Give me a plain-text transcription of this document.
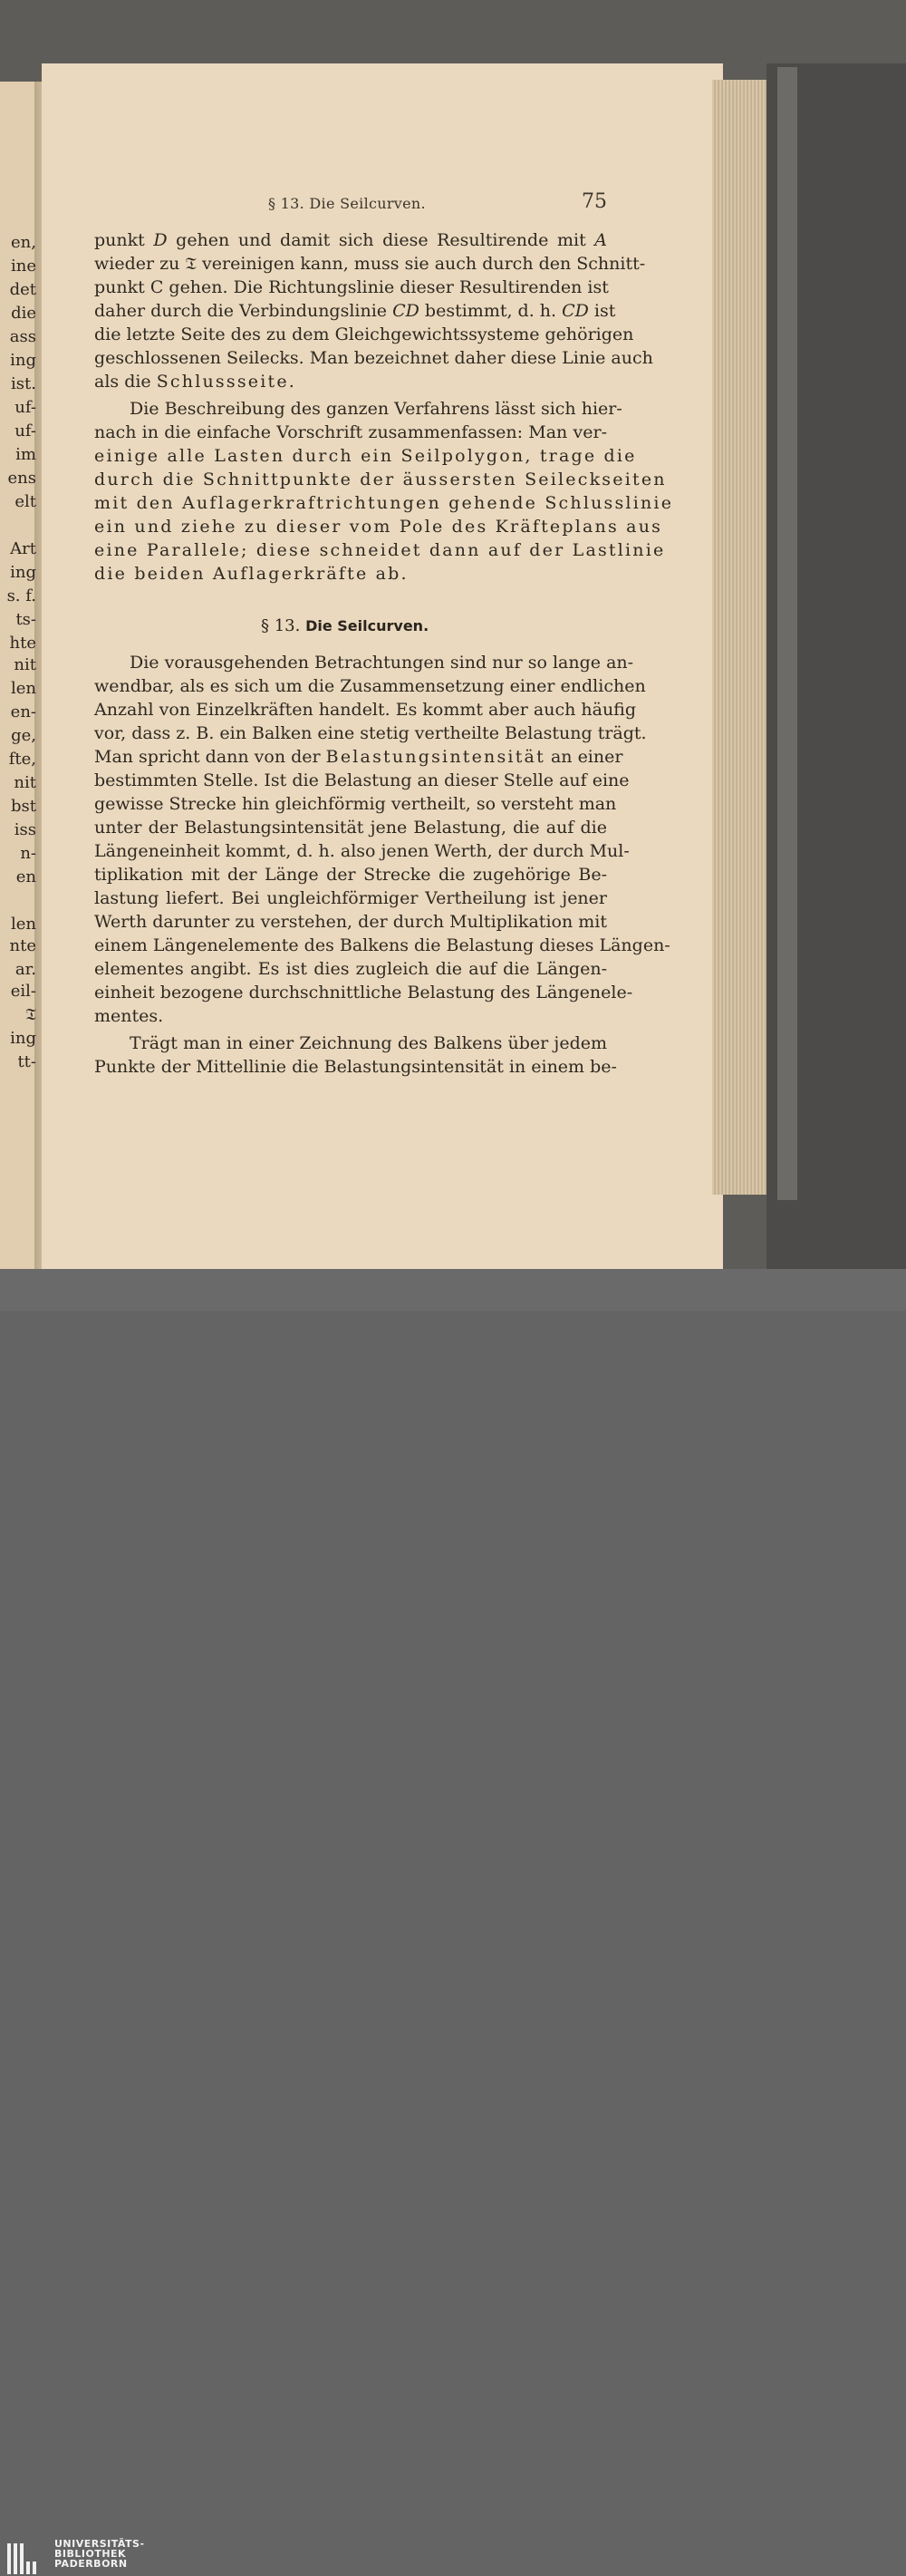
en,
ine
det
die
ass
ing
ist.
uf-
uf-
im
ens
elt
Art
ing
s. f.
ts-
hte
nit
len
en-
ge,
fte,
nit
bst
iss
n-
en
len
nte
ar.
eil-
𝔗
ing
tt-
§ 13. Die Seilcurven.	75
punkt D gehen und damit sich diese Resultirende mit A
wieder zu 𝔗 vereinigen kann, muss sie auch durch den Schnitt-
punkt C gehen. Die Richtungslinie dieser Resultirenden ist
daher durch die Verbindungslinie CD bestimmt, d. h. CD ist
die letzte Seite des zu dem Gleichgewichtssysteme gehörigen
geschlossenen Seilecks. Man bezeichnet daher diese Linie auch
als die Schlussseite.
Die Beschreibung des ganzen Verfahrens lässt sich hier-
nach in die einfache Vorschrift zusammenfassen: Man ver-
einige alle Lasten durch ein Seilpolygon, trage die
durch die Schnittpunkte der äussersten Seileckseiten
mit den Auflagerkraftrichtungen gehende Schlusslinie
ein und ziehe zu dieser vom Pole des Kräfteplans aus
eine Parallele; diese schneidet dann auf der Lastlinie
die beiden Auflagerkräfte ab.
§ 13. Die Seilcurven.
Die vorausgehenden Betrachtungen sind nur so lange an-
wendbar, als es sich um die Zusammensetzung einer endlichen
Anzahl von Einzelkräften handelt. Es kommt aber auch häufig
vor, dass z. B. ein Balken eine stetig vertheilte Belastung trägt.
Man spricht dann von der Belastungsintensität an einer
bestimmten Stelle. Ist die Belastung an dieser Stelle auf eine
gewisse Strecke hin gleichförmig vertheilt, so versteht man
unter der Belastungsintensität jene Belastung, die auf die
Längeneinheit kommt, d. h. also jenen Werth, der durch Mul-
tiplikation mit der Länge der Strecke die zugehörige Be-
lastung liefert. Bei ungleichförmiger Vertheilung ist jener
Werth darunter zu verstehen, der durch Multiplikation mit
einem Längenelemente des Balkens die Belastung dieses Längen-
elementes angibt. Es ist dies zugleich die auf die Längen-
einheit bezogene durchschnittliche Belastung des Längenele-
mentes.
Trägt man in einer Zeichnung des Balkens über jedem
Punkte der Mittellinie die Belastungsintensität in einem be-
UNIVERSITÄTS-
BIBLIOTHEK
PADERBORN
